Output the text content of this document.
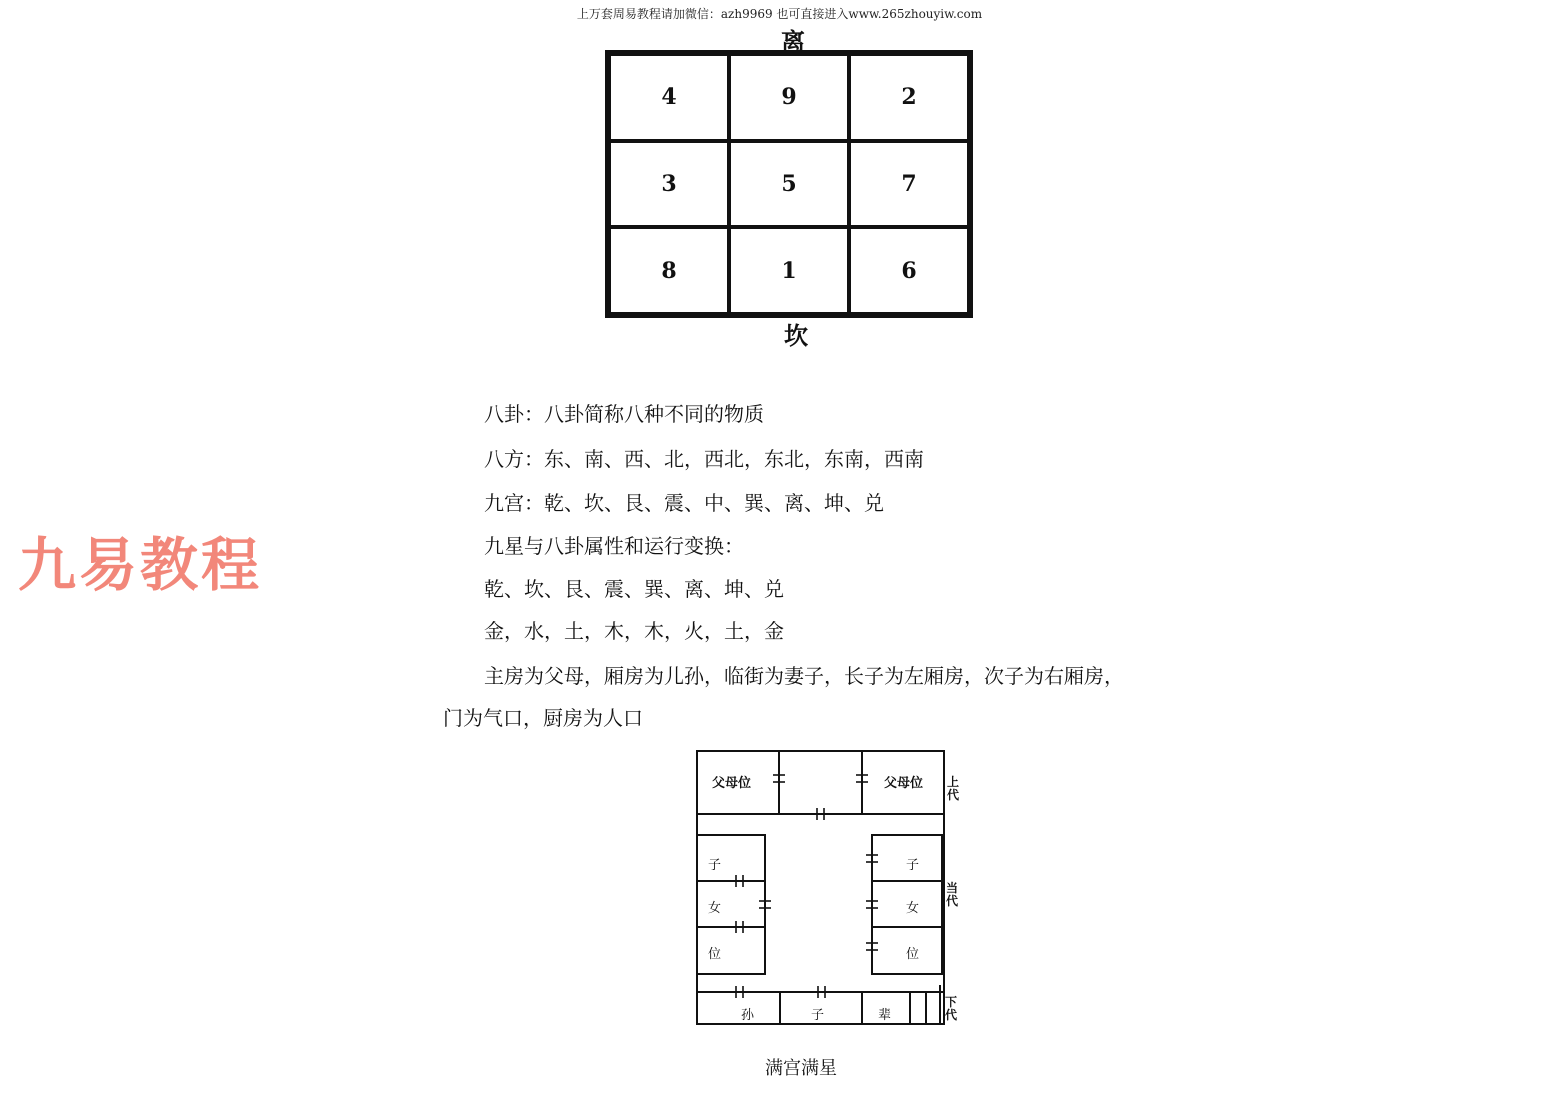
上万套周易教程请加微信：azh9969 也可直接进入www.265zhouyiw.com
九易教程
离
4	9	2
3	5	7
8	1	6
坎
八卦：八卦简称八种不同的物质
八方：东、南、西、北，西北，东北，东南，西南
九宫：乾、坎、艮、震、中、巽、离、坤、兑
九星与八卦属性和运行变换：
乾、坎、艮、震、巽、离、坤、兑
金，水，土，木，木，火，土，金
主房为父母，厢房为儿孙，临街为妻子，长子为左厢房，次子为右厢房，
门为气口，厨房为人口
父母位	父母位
子
女
位
子
女
位
孙	子	辈
上代
当代
下代
满宫满星
